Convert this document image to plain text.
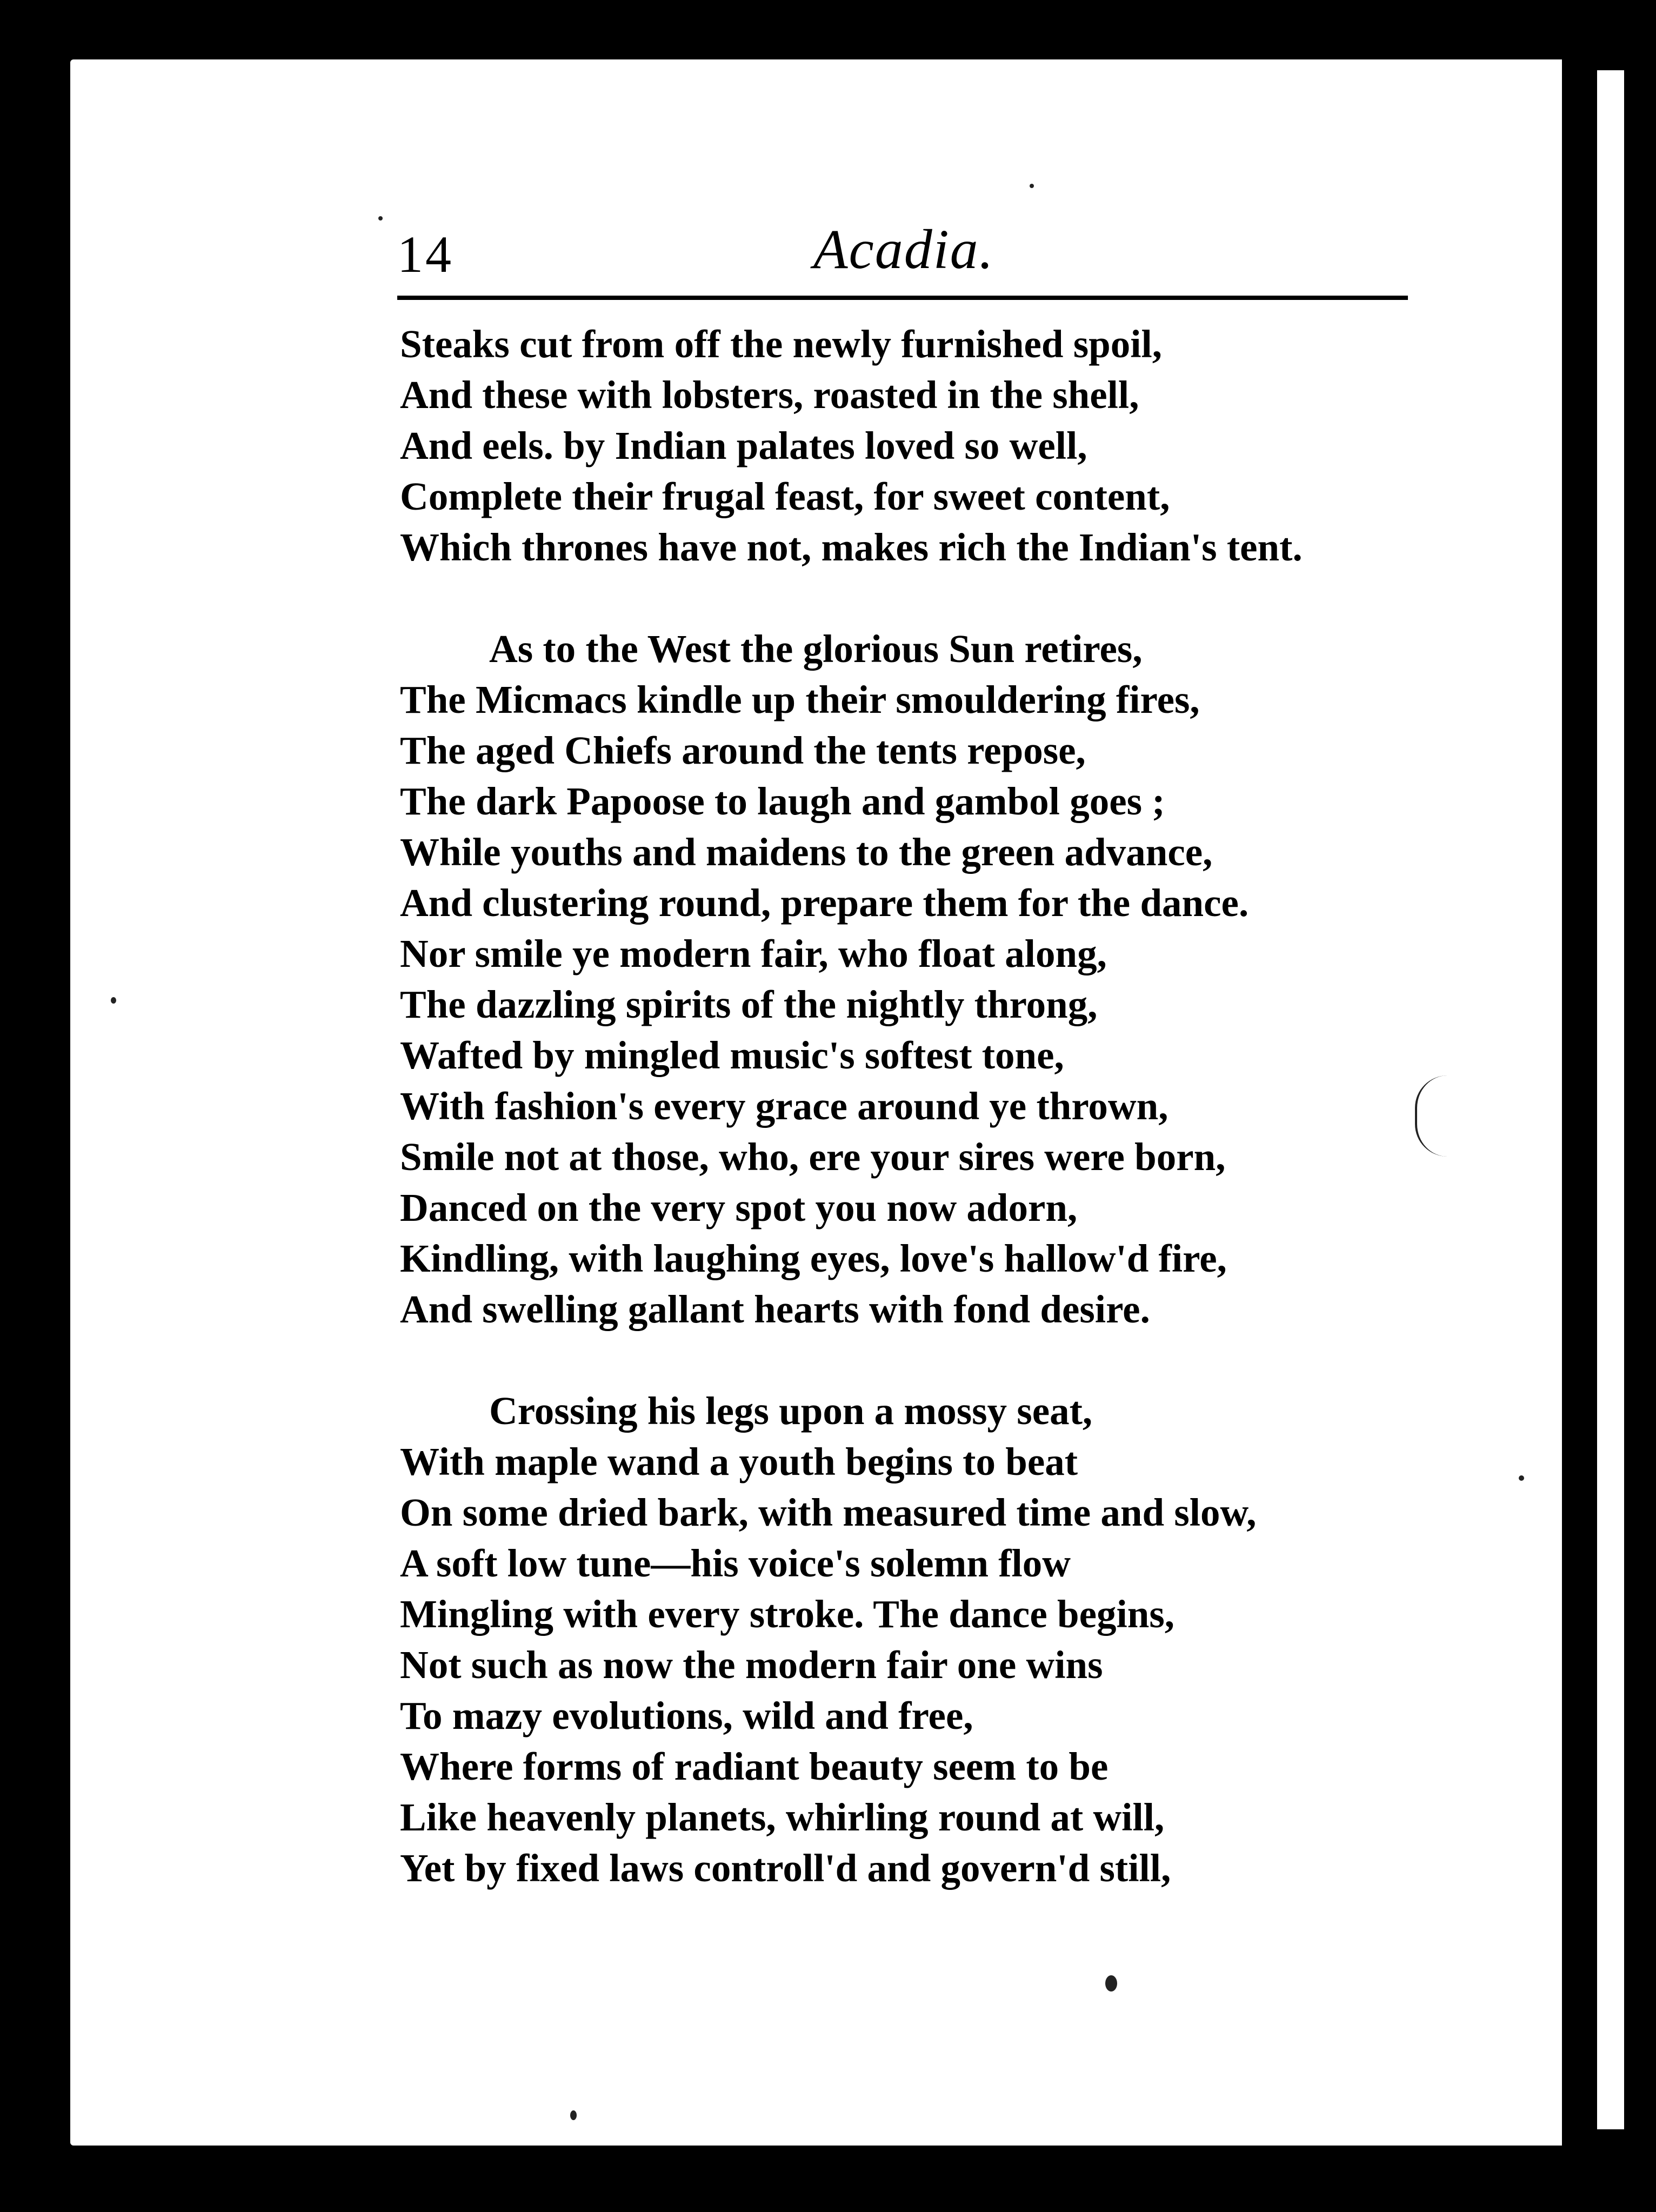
14	Acadia.
Steaks cut from off the newly furnished spoil,
And these with lobsters, roasted in the shell,
And eels. by Indian palates loved so well,
Complete their frugal feast, for sweet content,
Which thrones have not, makes rich the Indian's tent.
As to the West the glorious Sun retires,
The Micmacs kindle up their smouldering fires,
The aged Chiefs around the tents repose,
The dark Papoose to laugh and gambol goes ;
While youths and maidens to the green advance,
And clustering round, prepare them for the dance.
Nor smile ye modern fair, who float along,
The dazzling spirits of the nightly throng,
Wafted by mingled music's softest tone,
With fashion's every grace around ye thrown,
Smile not at those, who, ere your sires were born,
Danced on the very spot you now adorn,
Kindling, with laughing eyes, love's hallow'd fire,
And swelling gallant hearts with fond desire.
Crossing his legs upon a mossy seat,
With maple wand a youth begins to beat
On some dried bark, with measured time and slow,
A soft low tune—his voice's solemn flow
Mingling with every stroke. The dance begins,
Not such as now the modern fair one wins
To mazy evolutions, wild and free,
Where forms of radiant beauty seem to be
Like heavenly planets, whirling round at will,
Yet by fixed laws controll'd and govern'd still,
